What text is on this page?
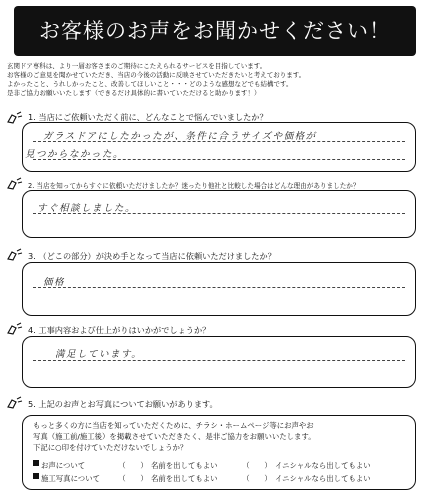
お客様のお声をお聞かせください！
玄関ドア専科は、より一層お客さまのご期待にこたえられるサービスを目指しています。
お客様のご意見を聞かせていただき、当店の今後の活動に反映させていただきたいと考えております。
よかったこと、うれしかったこと、改善してほしいこと・・・どのような感想などでも結構です。
是非ご協力お願いいたします（できるだけ具体的に書いていただけると助かります！）
1. 当店にご依頼いただく前に、どんなことで悩んでいましたか？
ガラスドアにしたかったが、条件に合うサイズや価格が
見つからなかった。
2. 当店を知ってからすぐに依頼いただけましたか？迷ったり他社と比較した場合はどんな理由がありましたか？
すぐ相談しました。
3. （どこの部分）が決め手となって当店に依頼いただけましたか？
価格
4. 工事内容および仕上がりはいかがでしょうか？
満足しています。
5. 上記のお声とお写真についてお願いがあります。
もっと多くの方に当店を知っていただくために、チラシ・ホームページ等にお声やお
写真（施工前/施工後）を掲載させていただきたく、是非ご協力をお願いいたします。
下記に○印を付けていただけないでしょうか？
お声について	（　　） 名前を出してもよい	（　　） イニシャルなら出してもよい
施工写真について	（　　） 名前を出してもよい	（　　） イニシャルなら出してもよい
